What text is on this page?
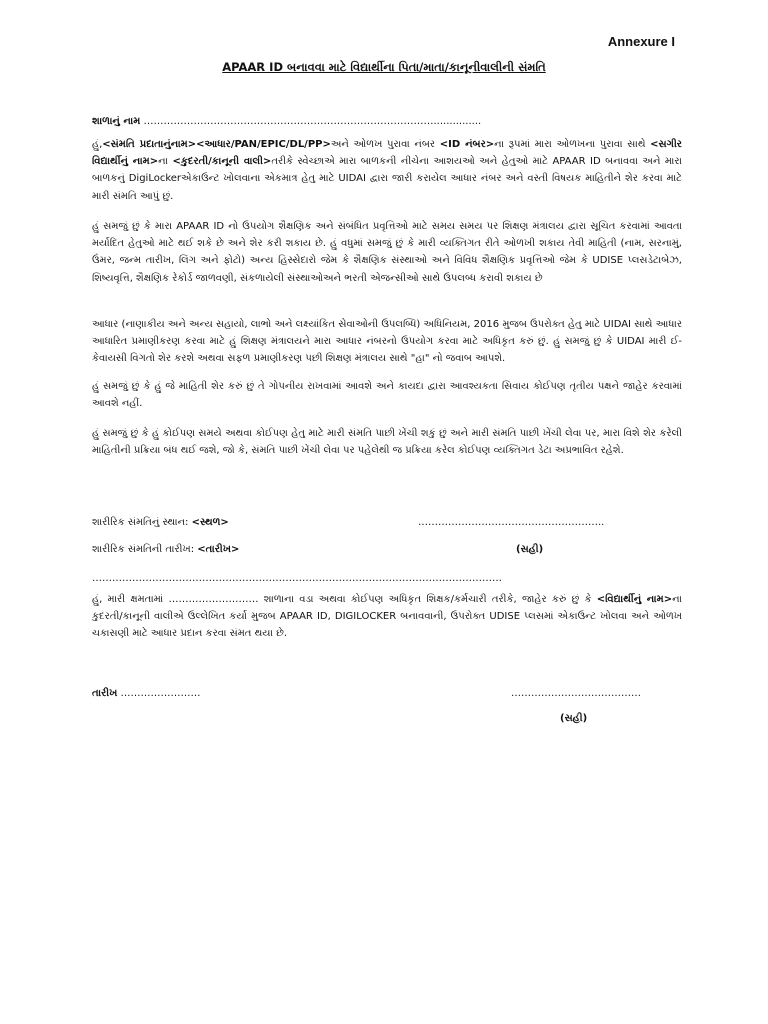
Annexure I
APAAR ID બનાવવા માટે વિદ્યાર્થીના પિતા/માતા/કાનૂનીવાલીની સંમતિ
શાળાનું નામ ……………………………………………………………………………...............
હું,<સંમતિ પ્રદાતાનુંનામ><આધાર/PAN/EPIC/DL/PP>અને ઓળખ પુરાવા નંબર <ID નંબર>ના રૂપમાં મારા ઓળખના પુરાવા સાથે <સગીર વિદ્યાર્થીનું નામ>ના <કુદરતી/કાનૂની વાલી>તરીકે સ્વેચ્છાએ મારા બાળકની નીચેના આશયઓ અને હેતુઓ માટે APAAR ID બનાવવા અને મારા બાળકનું DigiLockerએકાઉન્ટ ખોલવાના એકમાત્ર હેતુ માટે UIDAI દ્વારા જારી કરાયેલ આધાર નંબર અને વસ્તી વિષયક માહિતીને શેર કરવા માટે મારી સંમતિ આપું છું.
હું સમજું છું કે મારા APAAR ID નો ઉપયોગ શૈક્ષણિક અને સંબંધિત પ્રવૃત્તિઓ માટે સમય સમય પર શિક્ષણ મંત્રાલય દ્વારા સૂચિત કરવામાં આવતા મર્યાદિત હેતુઓ માટે થઈ શકે છે અને શેર કરી શકાય છે. હું વધુમાં સમજું છું કે મારી વ્યક્તિગત રીતે ઓળખી શકાય તેવી માહિતી (નામ, સરનામું, ઉંમર, જન્મ તારીખ, લિંગ અને ફોટો) અન્ય હિસ્સેદારો જેમ કે શૈક્ષણિક સંસ્થાઓ અને વિવિધ શૈક્ષણિક પ્રવૃત્તિઓ જેમ કે UDISE પ્લસડેટાબેઝ, શિષ્યવૃત્તિ, શૈક્ષણિક રેકોર્ડ જાળવણી, સંકળાયેલી સંસ્થાઓઅને ભરતી એજન્સીઓ સાથે ઉપલબ્ધ કરાવી શકાય છે
આધાર (નાણાકીય અને અન્ય સહાયો, લાભો અને લક્ષ્યાંકિત સેવાઓની ઉપલબ્ધિ) અધિનિયમ, 2016 મુજબ ઉપરોક્ત હેતુ માટે UIDAI સાથે આધાર આધારિત પ્રમાણીકરણ કરવા માટે હું શિક્ષણ મંત્રાલયને મારા આધાર નંબરનો ઉપયોગ કરવા માટે અધિકૃત કરું છું. હું સમજું છું કે UIDAI મારી ઈ-કેવાયસી વિગતો શેર કરશે અથવા સફળ પ્રમાણીકરણ પછી શિક્ષણ મંત્રાલય સાથે "હા" નો જવાબ આપશે.
હું સમજું છું કે હું જે માહિતી શેર કરું છું તે ગોપનીય રાખવામાં આવશે અને કાયદા દ્વારા આવશ્યકતા સિવાય કોઈપણ તૃતીય પક્ષને જાહેર કરવામાં આવશે નહીં.
હું સમજું છું કે હું કોઈપણ સમયે અથવા કોઈપણ હેતુ માટે મારી સંમતિ પાછી ખેંચી શકું છું અને મારી સંમતિ પાછી ખેંચી લેવા પર, મારા વિશે શેર કરેલી માહિતીની પ્રક્રિયા બંધ થઈ જશે, જો કે, સંમતિ પાછી ખેંચી લેવા પર પહેલેથી જ પ્રક્રિયા કરેલ કોઈપણ વ્યક્તિગત ડેટા અપ્રભાવિત રહેશે.
શારીરિક સંમતિનું સ્થાન: <સ્થળ>	………………………………………………..
શારીરિક સંમતિની તારીખ: <તારીખ>	(સહી)
……………………………………………………………………………………………………………
હું, મારી ક્ષમતામાં ……………………… શાળાના વડા અથવા કોઈપણ અધિકૃત શિક્ષક/કર્મચારી તરીકે, જાહેર કરું છું કે <વિદ્યાર્થીનું નામ>ના કુદરતી/કાનૂની વાલીએ ઉલ્લેખિત કર્યા મુજબ APAAR ID, DIGILOCKER બનાવવાની, ઉપરોક્ત UDISE પ્લસમાં એકાઉન્ટ ખોલવા અને ઓળખ ચકાસણી માટે આધાર પ્રદાન કરવા સંમત થયા છે.
તારીખ ……………………	…………………………………
(સહી)
